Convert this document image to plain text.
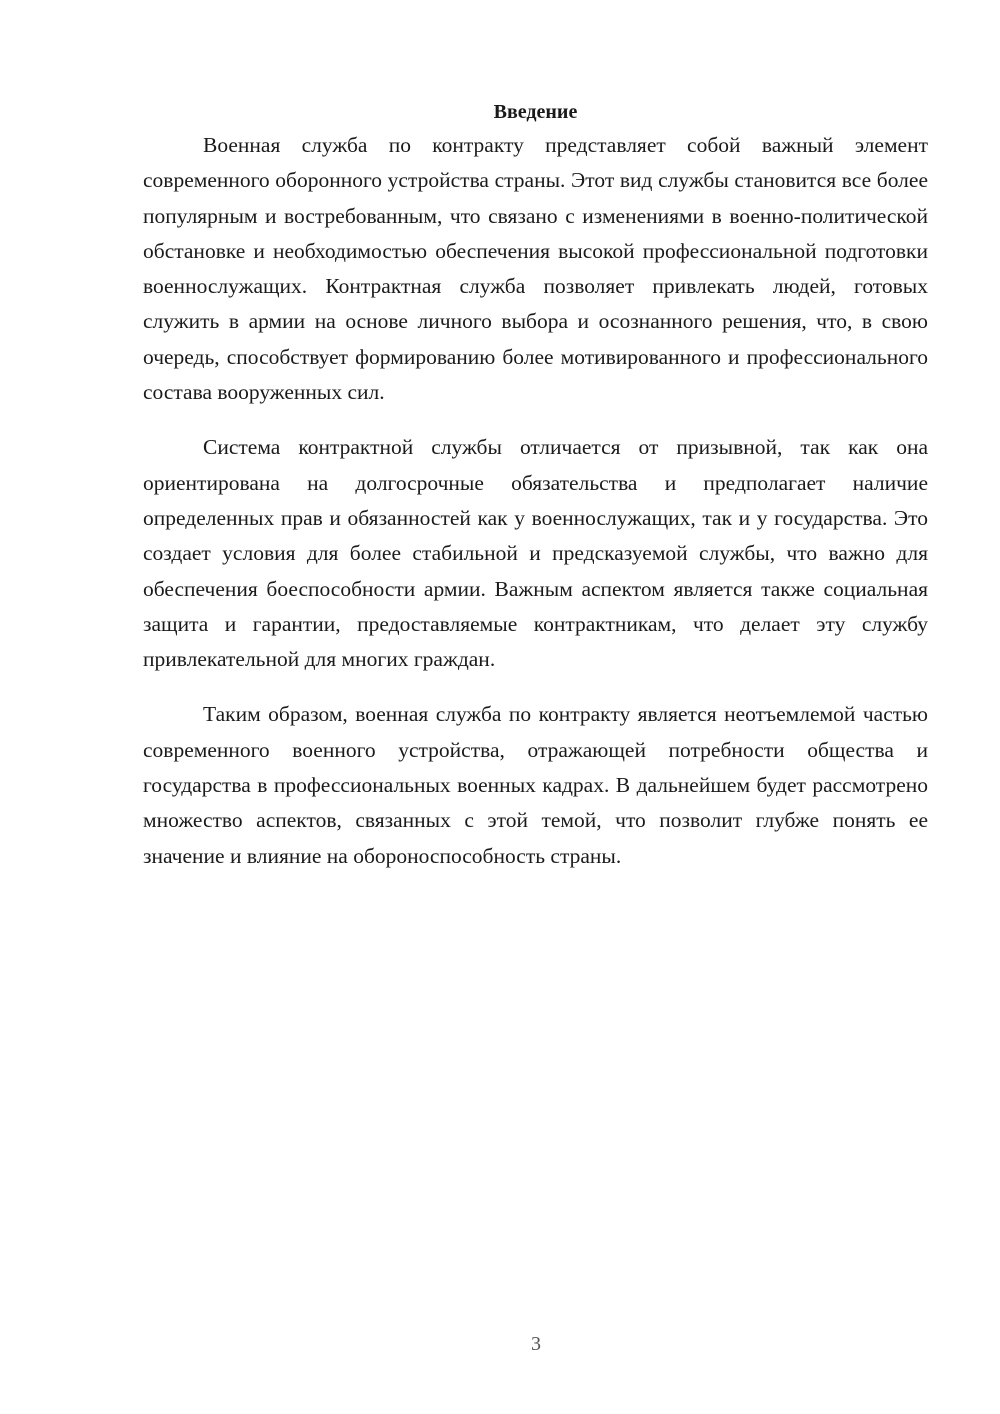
Введение

Военная служба по контракту представляет собой важный элемент современного оборонного устройства страны. Этот вид службы становится все более популярным и востребованным, что связано с изменениями в военно-политической обстановке и необходимостью обеспечения высокой профессиональной подготовки военнослужащих. Контрактная служба позволяет привлекать людей, готовых служить в армии на основе личного выбора и осознанного решения, что, в свою очередь, способствует формированию более мотивированного и профессионального состава вооруженных сил.

Система контрактной службы отличается от призывной, так как она ориентирована на долгосрочные обязательства и предполагает наличие определенных прав и обязанностей как у военнослужащих, так и у государства. Это создает условия для более стабильной и предсказуемой службы, что важно для обеспечения боеспособности армии. Важным аспектом является также социальная защита и гарантии, предоставляемые контрактникам, что делает эту службу привлекательной для многих граждан.

Таким образом, военная служба по контракту является неотъемлемой частью современного военного устройства, отражающей потребности общества и государства в профессиональных военных кадрах. В дальнейшем будет рассмотрено множество аспектов, связанных с этой темой, что позволит глубже понять ее значение и влияние на обороноспособность страны.

3
